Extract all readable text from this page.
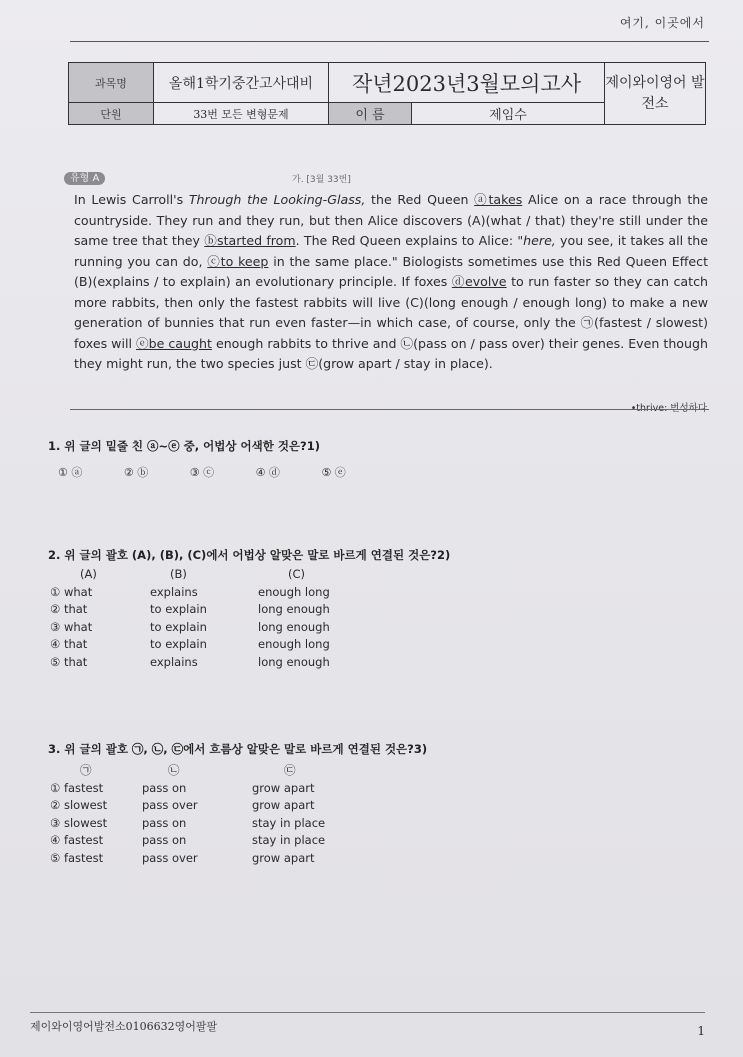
여기, 이곳에서
과목명	올해1학기중간고사대비	작년2023년3월모의고사		제이와이영어 발전소
단원	33번 모든 변형문제	이 름	제임수	
유형 A	가. [3월 33번]
In Lewis Carroll's Through the Looking-Glass, the Red Queen ⓐtakes Alice on a race through the countryside. They run and they run, but then Alice discovers (A)(what / that) they're still under the same tree that they ⓑstarted from. The Red Queen explains to Alice: "here, you see, it takes all the running you can do, ⓒto keep in the same place." Biologists sometimes use this Red Queen Effect (B)(explains / to explain) an evolutionary principle. If foxes ⓓevolve to run faster so they can catch more rabbits, then only the fastest rabbits will live (C)(long enough / enough long) to make a new generation of bunnies that run even faster—in which case, of course, only the ㉠(fastest / slowest) foxes will ⓔbe caught enough rabbits to thrive and ㉡(pass on / pass over) their genes. Even though they might run, the two species just ㉢(grow apart / stay in place).
•thrive: 번성하다
1. 위 글의 밑줄 친 ⓐ~ⓔ 중, 어법상 어색한 것은?1)
① ⓐ	② ⓑ	③ ⓒ	④ ⓓ	⑤ ⓔ
2. 위 글의 괄호 (A), (B), (C)에서 어법상 알맞은 말로 바르게 연결된 것은?2)
(A)	(B)	(C)
① what	explains	enough long
② that	to explain	long enough
③ what	to explain	long enough
④ that	to explain	enough long
⑤ that	explains	long enough
3. 위 글의 괄호 ㉠, ㉡, ㉢에서 흐름상 알맞은 말로 바르게 연결된 것은?3)
㉠	㉡	㉢
① fastest	pass on	grow apart
② slowest	pass over	grow apart
③ slowest	pass on	stay in place
④ fastest	pass on	stay in place
⑤ fastest	pass over	grow apart
제이와이영어발전소0106632영어팔팔	1
